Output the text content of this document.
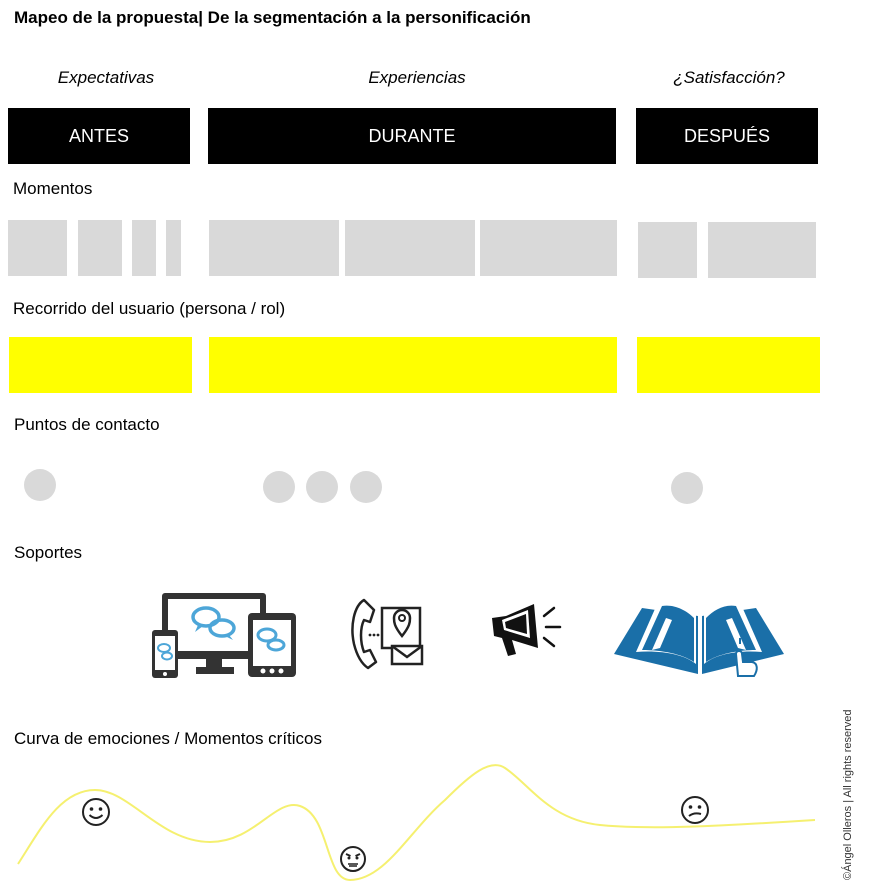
Mapeo de la propuesta| De la segmentación a la personificación
Expectativas	Experiencias	¿Satisfacción?
ANTES	DURANTE	DESPUÉS
Momentos
Recorrido del usuario (persona / rol)
Puntos de contacto
Soportes
Curva de emociones / Momentos críticos	©Ángel Olleros | All rights reserved
